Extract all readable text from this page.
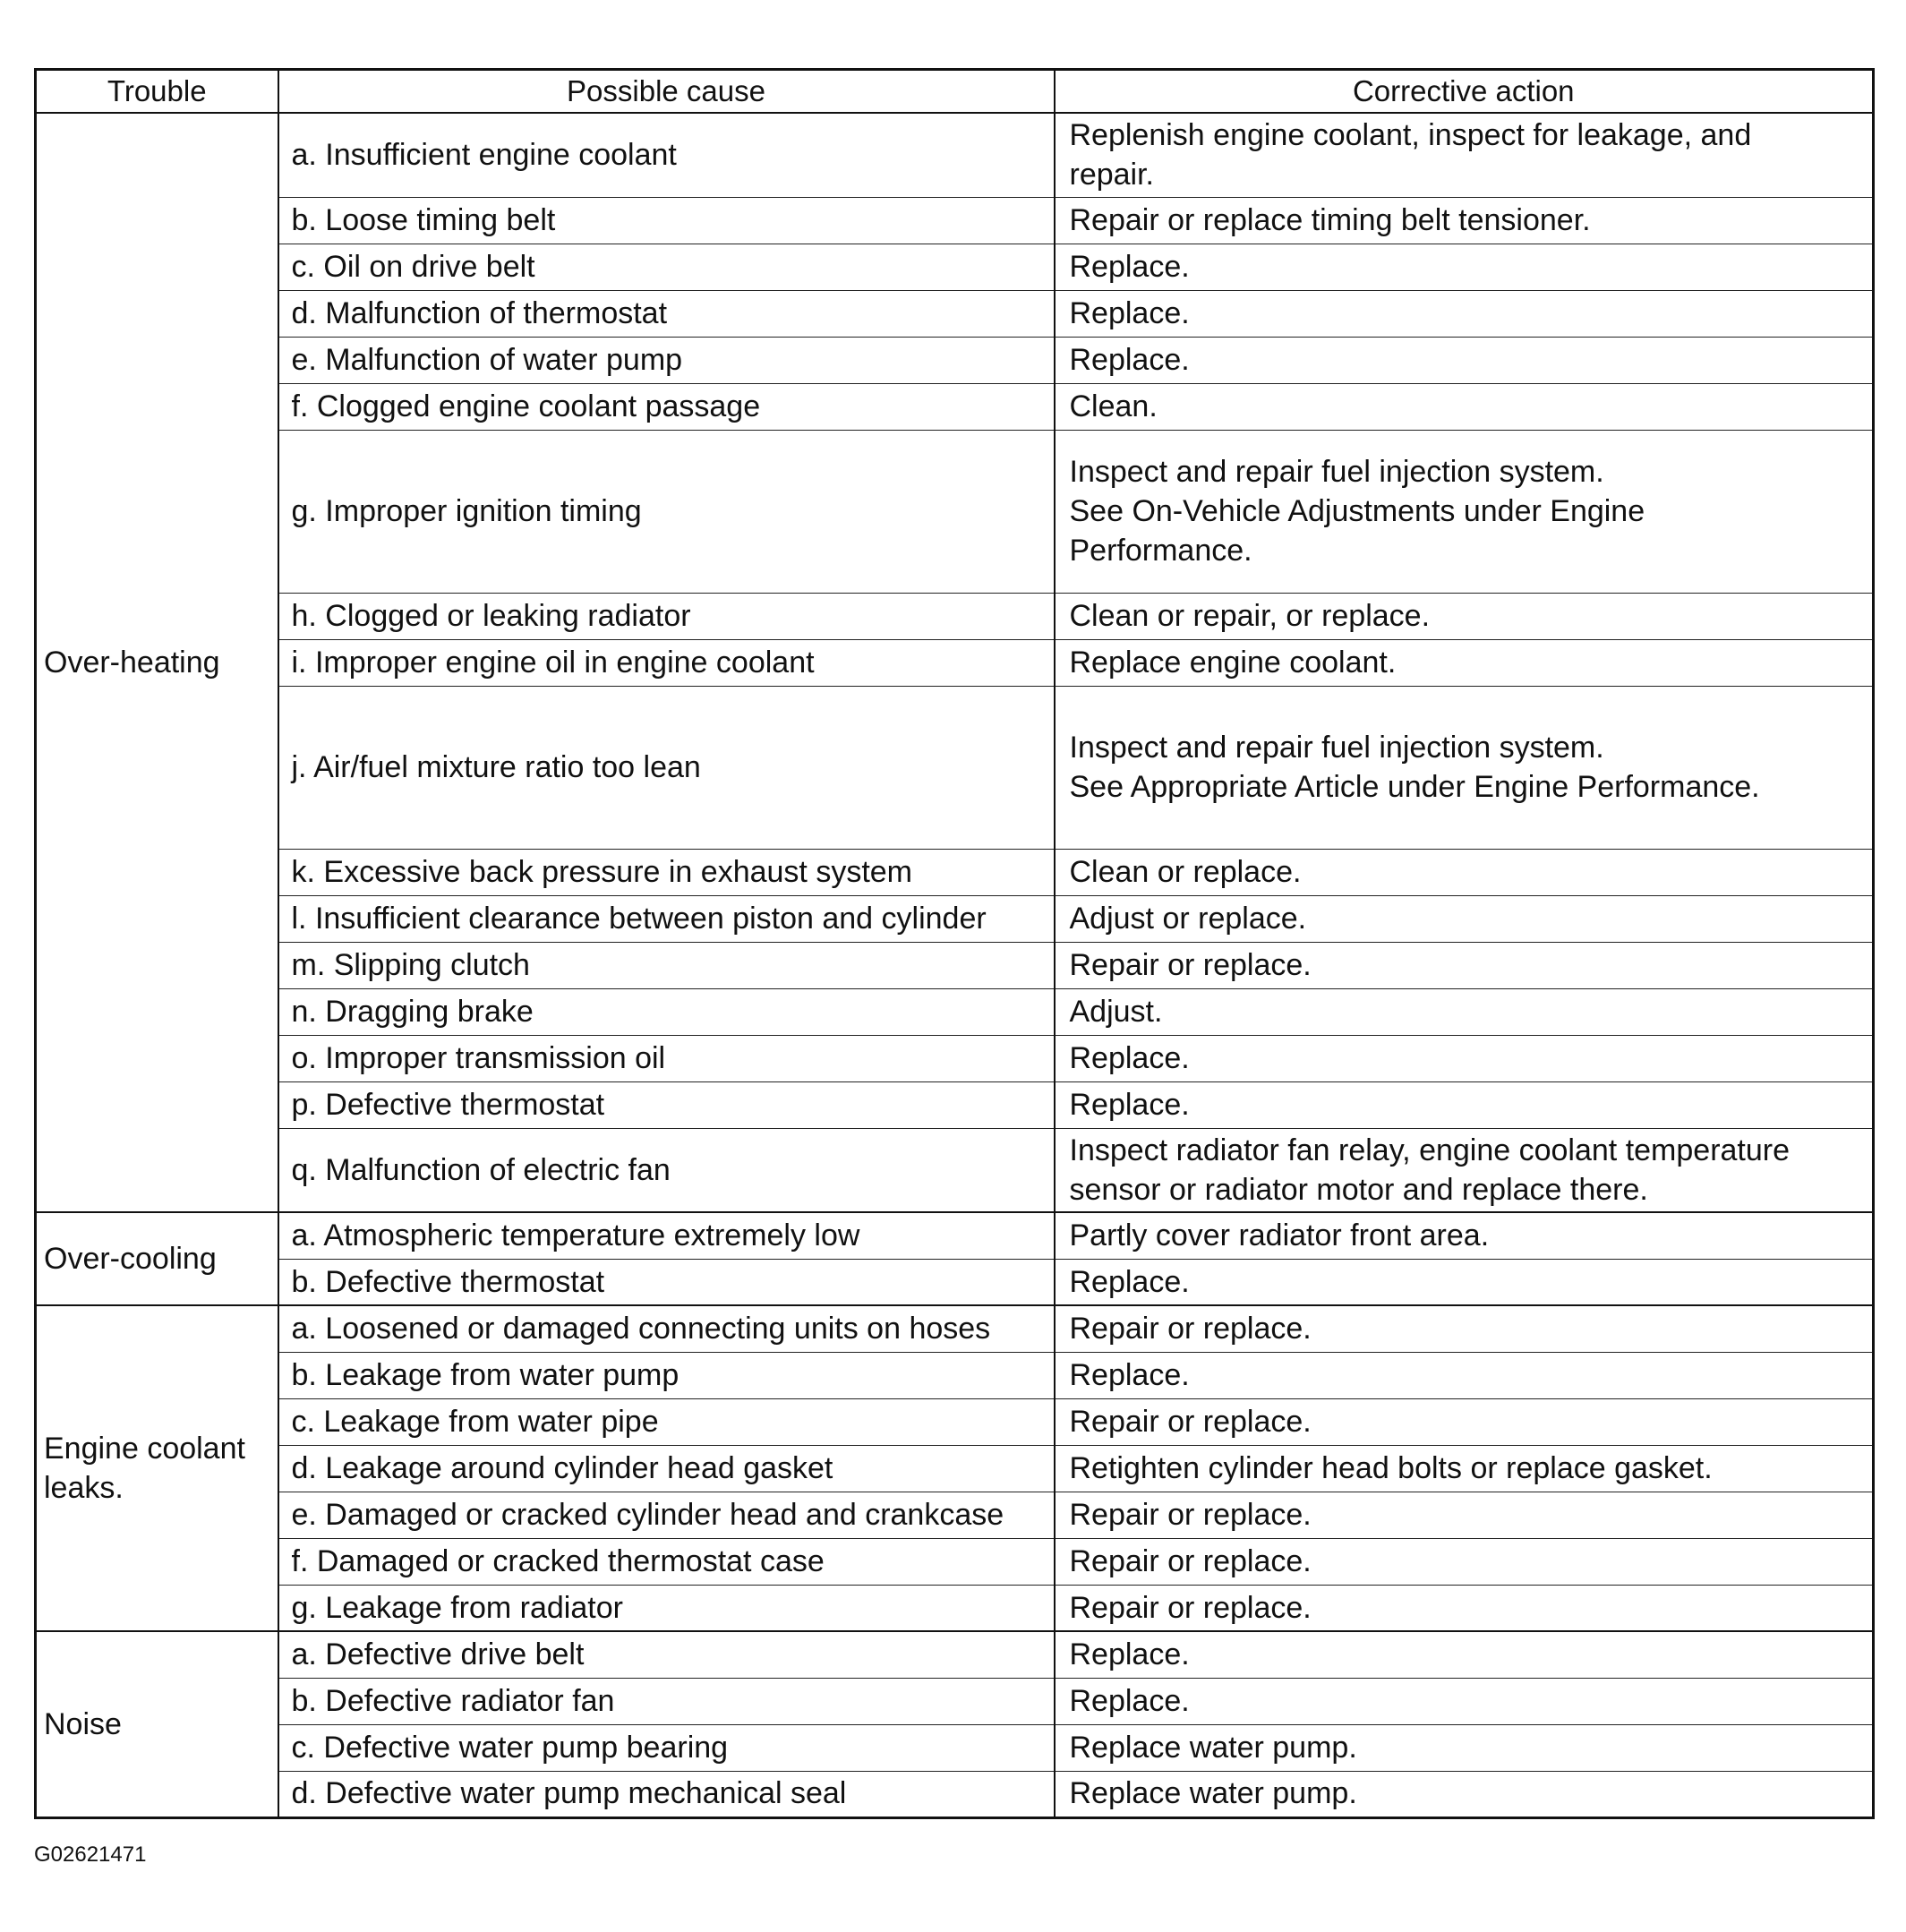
Trouble	Possible cause	Corrective action
Over-heating	a. Insufficient engine coolant	Replenish engine coolant, inspect for leakage, and
repair.

	b. Loose timing belt	Repair or replace timing belt tensioner.

	c. Oil on drive belt	Replace.

	d. Malfunction of thermostat	Replace.

	e. Malfunction of water pump	Replace.

	f. Clogged engine coolant passage	Clean.

	g. Improper ignition timing	Inspect and repair fuel injection system.
See On-Vehicle Adjustments under Engine
Performance.

	h. Clogged or leaking radiator	Clean or repair, or replace.

	i. Improper engine oil in engine coolant	Replace engine coolant.

	j. Air/fuel mixture ratio too lean	Inspect and repair fuel injection system.
See Appropriate Article under Engine Performance.

	k. Excessive back pressure in exhaust system	Clean or replace.

	l. Insufficient clearance between piston and cylinder	Adjust or replace.

	m. Slipping clutch	Repair or replace.

	n. Dragging brake	Adjust.

	o. Improper transmission oil	Replace.

	p. Defective thermostat	Replace.

	q. Malfunction of electric fan	Inspect radiator fan relay, engine coolant temperature
sensor or radiator motor and replace there.

Over-cooling	a. Atmospheric temperature extremely low	Partly cover radiator front area.

	b. Defective thermostat	Replace.

Engine coolant leaks.	a. Loosened or damaged connecting units on hoses	Repair or replace.

	b. Leakage from water pump	Replace.

	c. Leakage from water pipe	Repair or replace.

	d. Leakage around cylinder head gasket	Retighten cylinder head bolts or replace gasket.

	e. Damaged or cracked cylinder head and crankcase	Repair or replace.

	f. Damaged or cracked thermostat case	Repair or replace.

	g. Leakage from radiator	Repair or replace.

Noise	a. Defective drive belt	Replace.

	b. Defective radiator fan	Replace.

	c. Defective water pump bearing	Replace water pump.

	d. Defective water pump mechanical seal	Replace water pump.
G02621471
